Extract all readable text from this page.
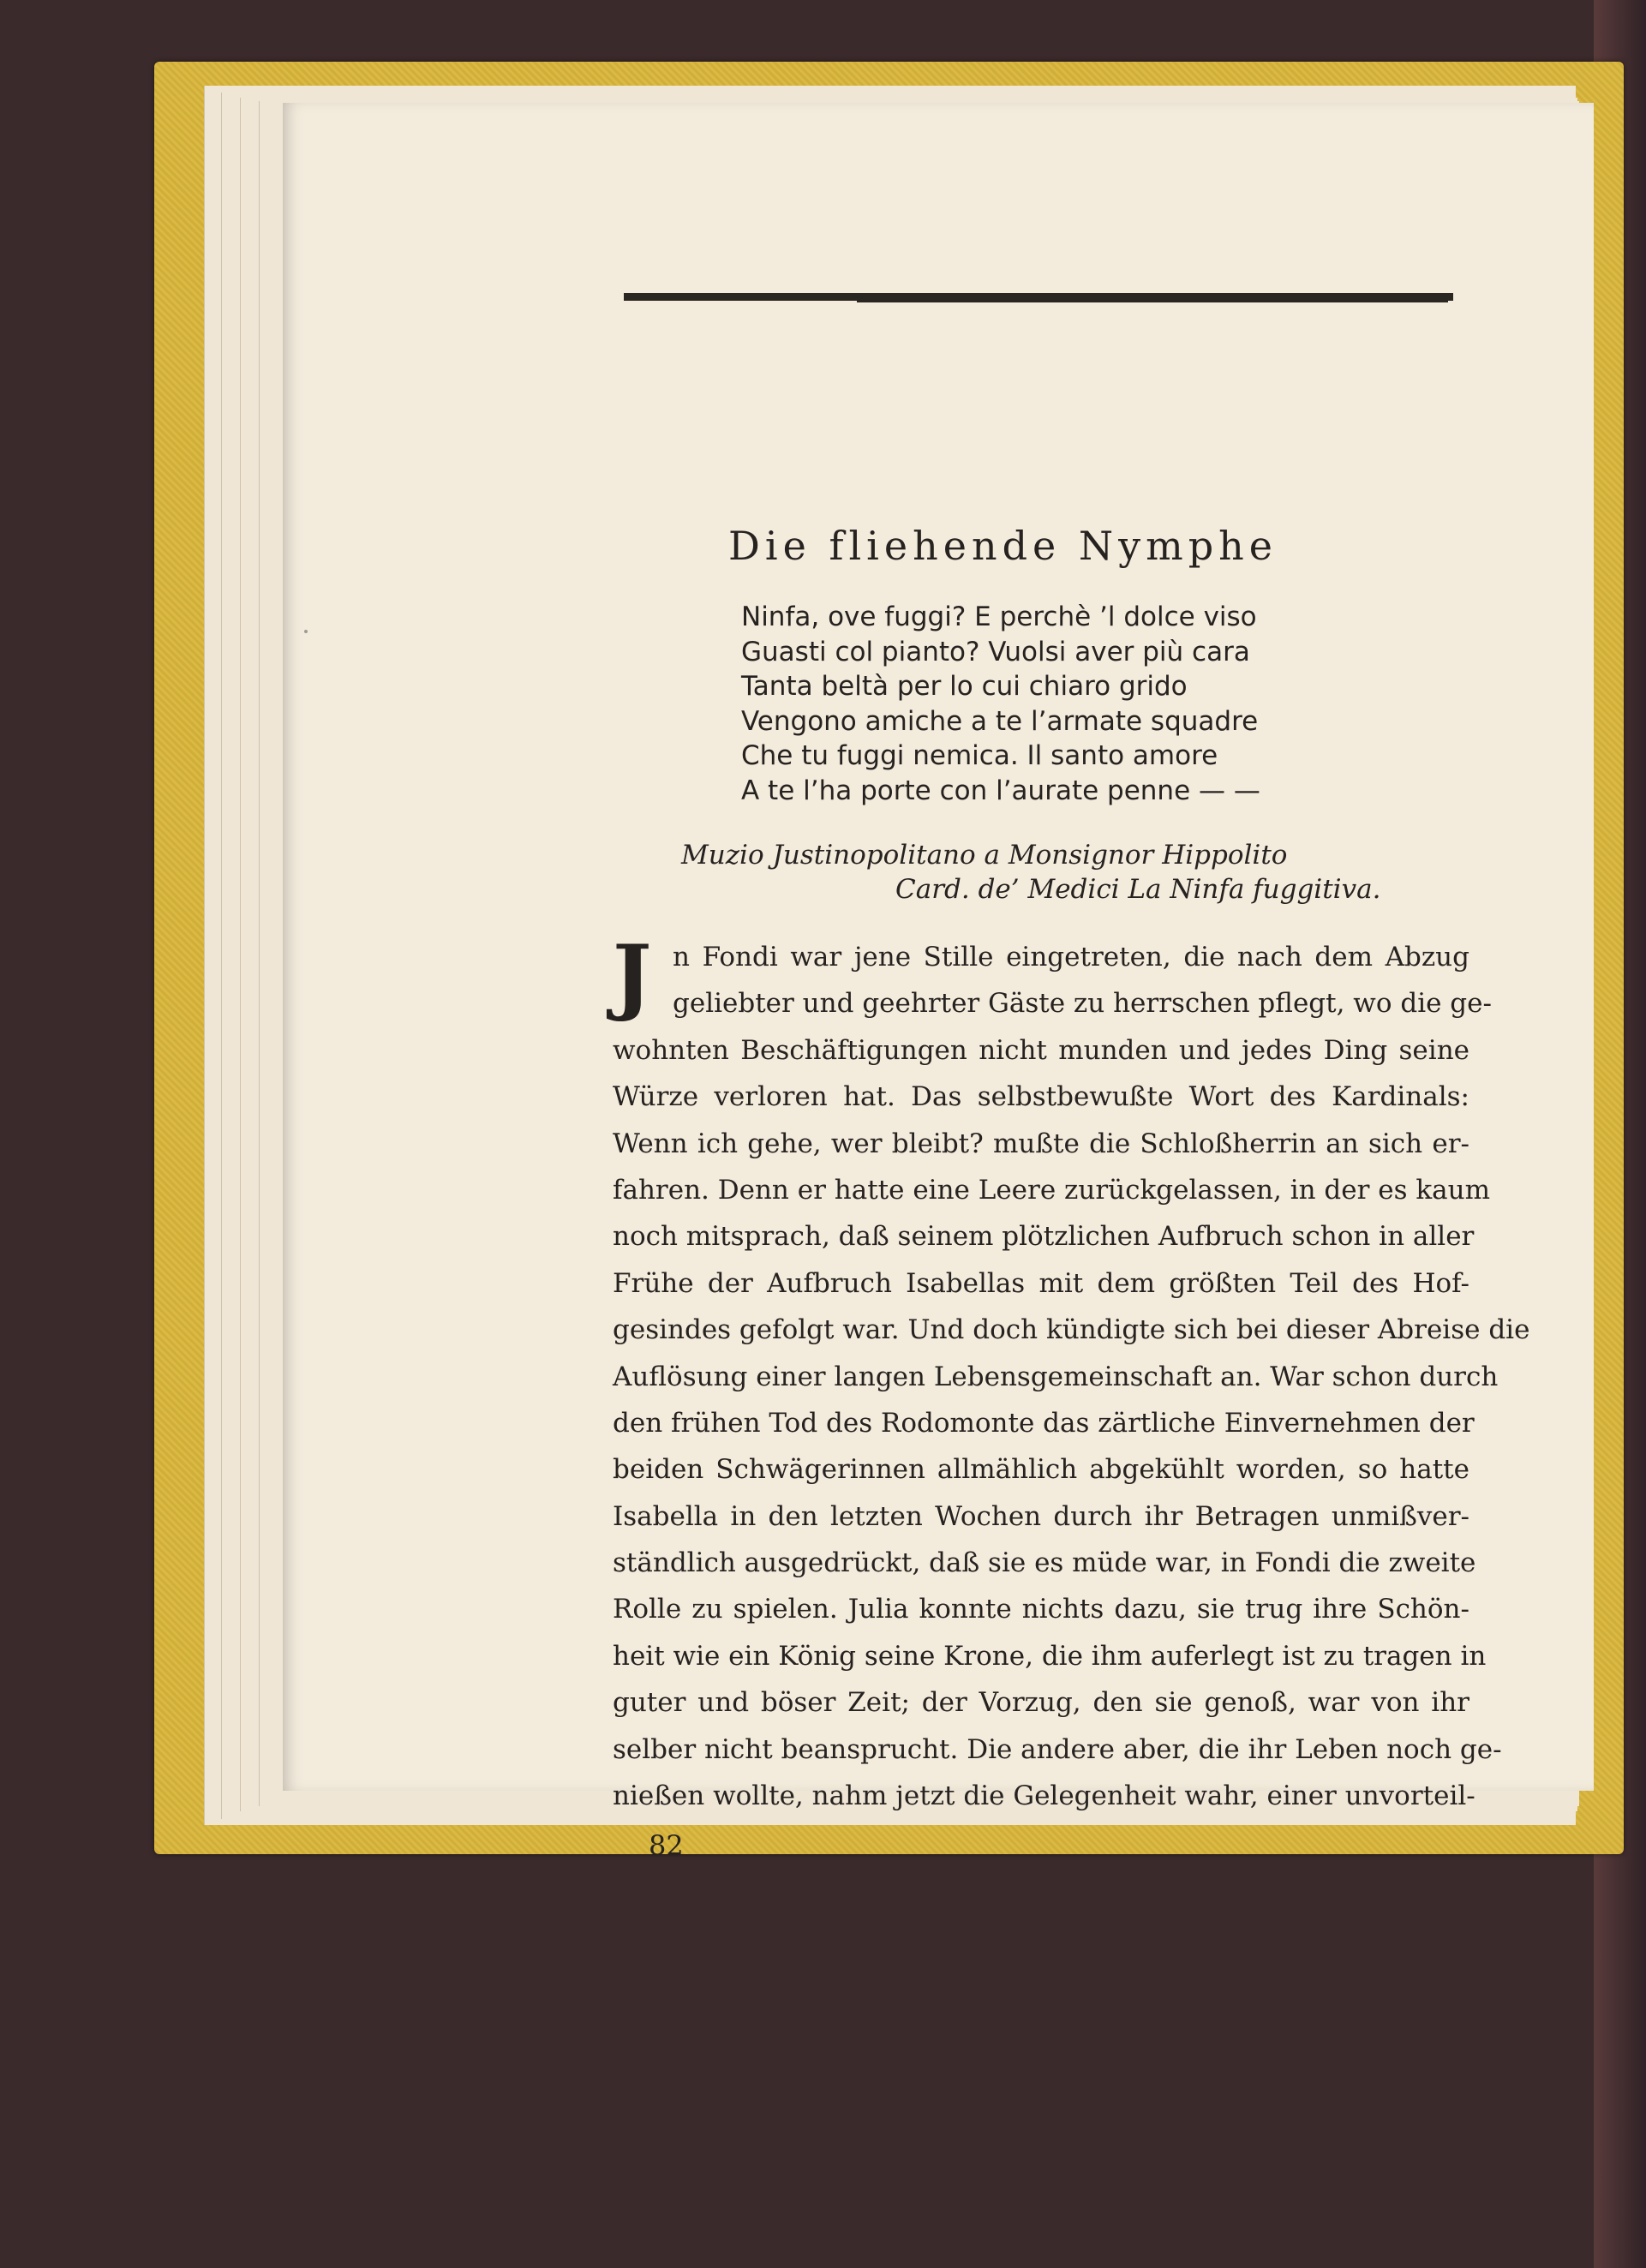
Die fliehende Nymphe
Ninfa, ove fuggi? E perchè ’l dolce viso
Guasti col pianto? Vuolsi aver più cara
Tanta beltà per lo cui chiaro grido
Vengono amiche a te l’armate squadre
Che tu fuggi nemica. Il santo amore
A te l’ha porte con l’aurate penne — —
Muzio Justinopolitano a Monsignor Hippolito
Card. de’ Medici La Ninfa fuggitiva.
J n Fondi war jene Stille eingetreten, die nach dem Abzug
geliebter und geehrter Gäste zu herrschen pflegt, wo die ge-
wohnten Beschäftigungen nicht munden und jedes Ding seine
Würze verloren hat. Das selbstbewußte Wort des Kardinals:
Wenn ich gehe, wer bleibt? mußte die Schloßherrin an sich er-
fahren. Denn er hatte eine Leere zurückgelassen, in der es kaum
noch mitsprach, daß seinem plötzlichen Aufbruch schon in aller
Frühe der Aufbruch Isabellas mit dem größten Teil des Hof-
gesindes gefolgt war. Und doch kündigte sich bei dieser Abreise die
Auflösung einer langen Lebensgemeinschaft an. War schon durch
den frühen Tod des Rodomonte das zärtliche Einvernehmen der
beiden Schwägerinnen allmählich abgekühlt worden, so hatte
Isabella in den letzten Wochen durch ihr Betragen unmißver-
ständlich ausgedrückt, daß sie es müde war, in Fondi die zweite
Rolle zu spielen. Julia konnte nichts dazu, sie trug ihre Schön-
heit wie ein König seine Krone, die ihm auferlegt ist zu tragen in
guter und böser Zeit; der Vorzug, den sie genoß, war von ihr
selber nicht beansprucht. Die andere aber, die ihr Leben noch ge-
nießen wollte, nahm jetzt die Gelegenheit wahr, einer unvorteil-
82
